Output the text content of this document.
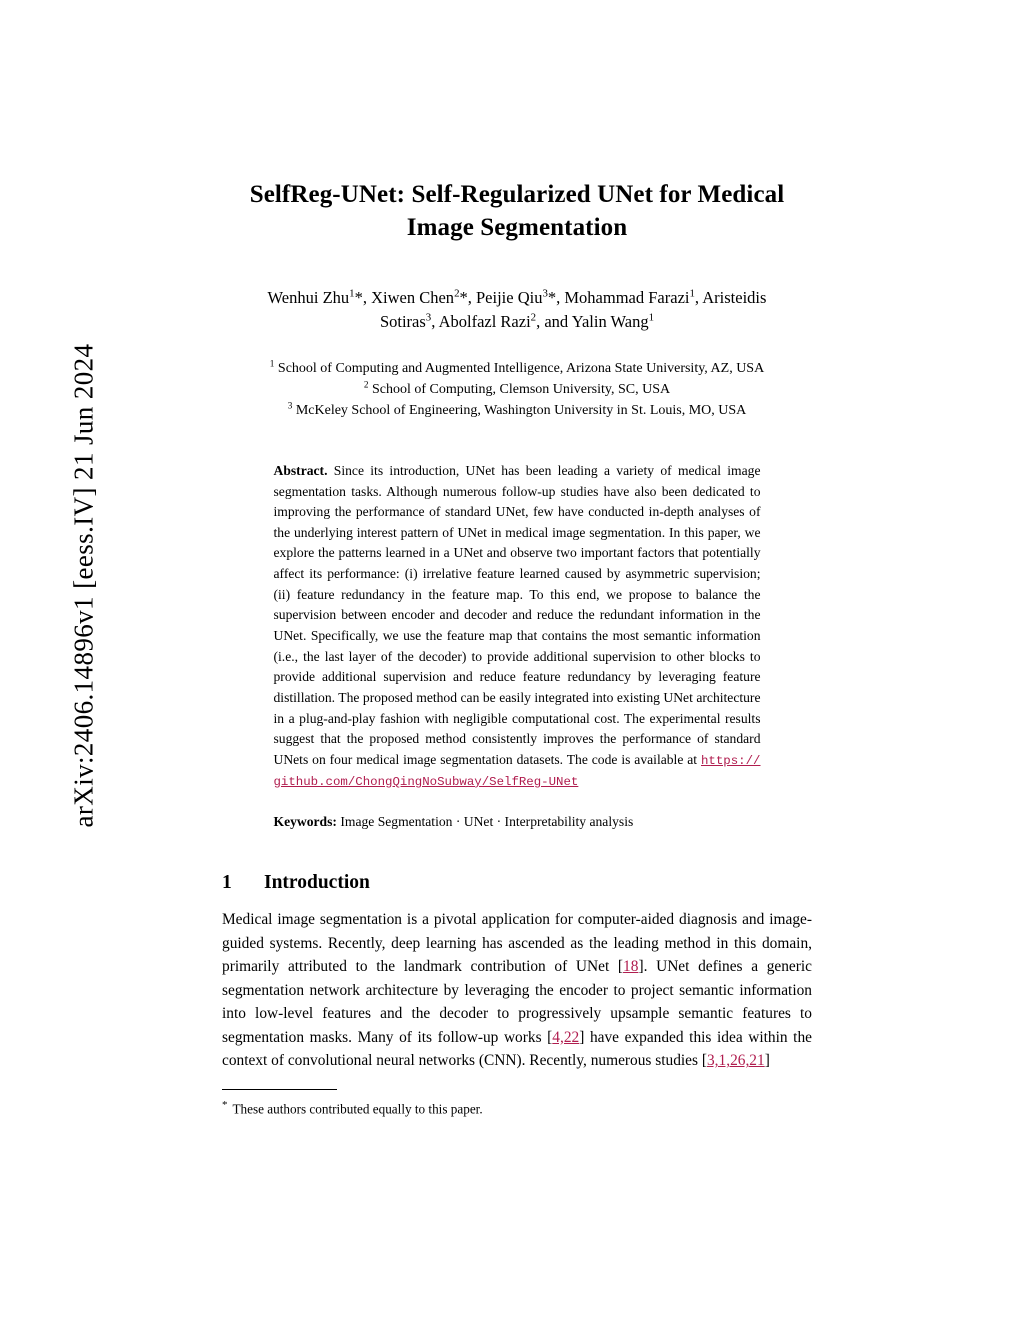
arXiv:2406.14896v1 [eess.IV] 21 Jun 2024
SelfReg-UNet: Self-Regularized UNet for Medical Image Segmentation
Wenhui Zhu$^1$*, Xiwen Chen$^2$*, Peijie Qiu$^3$*, Mohammad Farazi$^1$, Aristeidis
Sotiras$^3$, Abolfazl Razi$^2$, and Yalin Wang$^1$
$^1$ School of Computing and Augmented Intelligence, Arizona State University, AZ, USA
$^2$ School of Computing, Clemson University, SC, USA
$^3$ McKeley School of Engineering, Washington University in St. Louis, MO, USA
Abstract. Since its introduction, UNet has been leading a variety of medical image segmentation tasks. Although numerous follow-up studies have also been dedicated to improving the performance of standard UNet, few have conducted in-depth analyses of the underlying interest pattern of UNet in medical image segmentation. In this paper, we explore the patterns learned in a UNet and observe two important factors that potentially affect its performance: (i) irrelative feature learned caused by asymmetric supervision; (ii) feature redundancy in the feature map. To this end, we propose to balance the supervision between encoder and decoder and reduce the redundant information in the UNet. Specifically, we use the feature map that contains the most semantic information (i.e., the last layer of the decoder) to provide additional supervision to other blocks to provide additional supervision and reduce feature redundancy by leveraging feature distillation. The proposed method can be easily integrated into existing UNet architecture in a plug-and-play fashion with negligible computational cost. The experimental results suggest that the proposed method consistently improves the performance of standard UNets on four medical image segmentation datasets. The code is available at https://github.com/ChongQingNoSubway/SelfReg-UNet
Keywords: Image Segmentation · UNet · Interpretability analysis
1	Introduction
Medical image segmentation is a pivotal application for computer-aided diagnosis and image-guided systems. Recently, deep learning has ascended as the leading method in this domain, primarily attributed to the landmark contribution of UNet [18]. UNet defines a generic segmentation network architecture by leveraging the encoder to project semantic information into low-level features and the decoder to progressively upsample semantic features to segmentation masks. Many of its follow-up works [4,22] have expanded this idea within the context of convolutional neural networks (CNN). Recently, numerous studies [3,1,26,21]
* These authors contributed equally to this paper.
